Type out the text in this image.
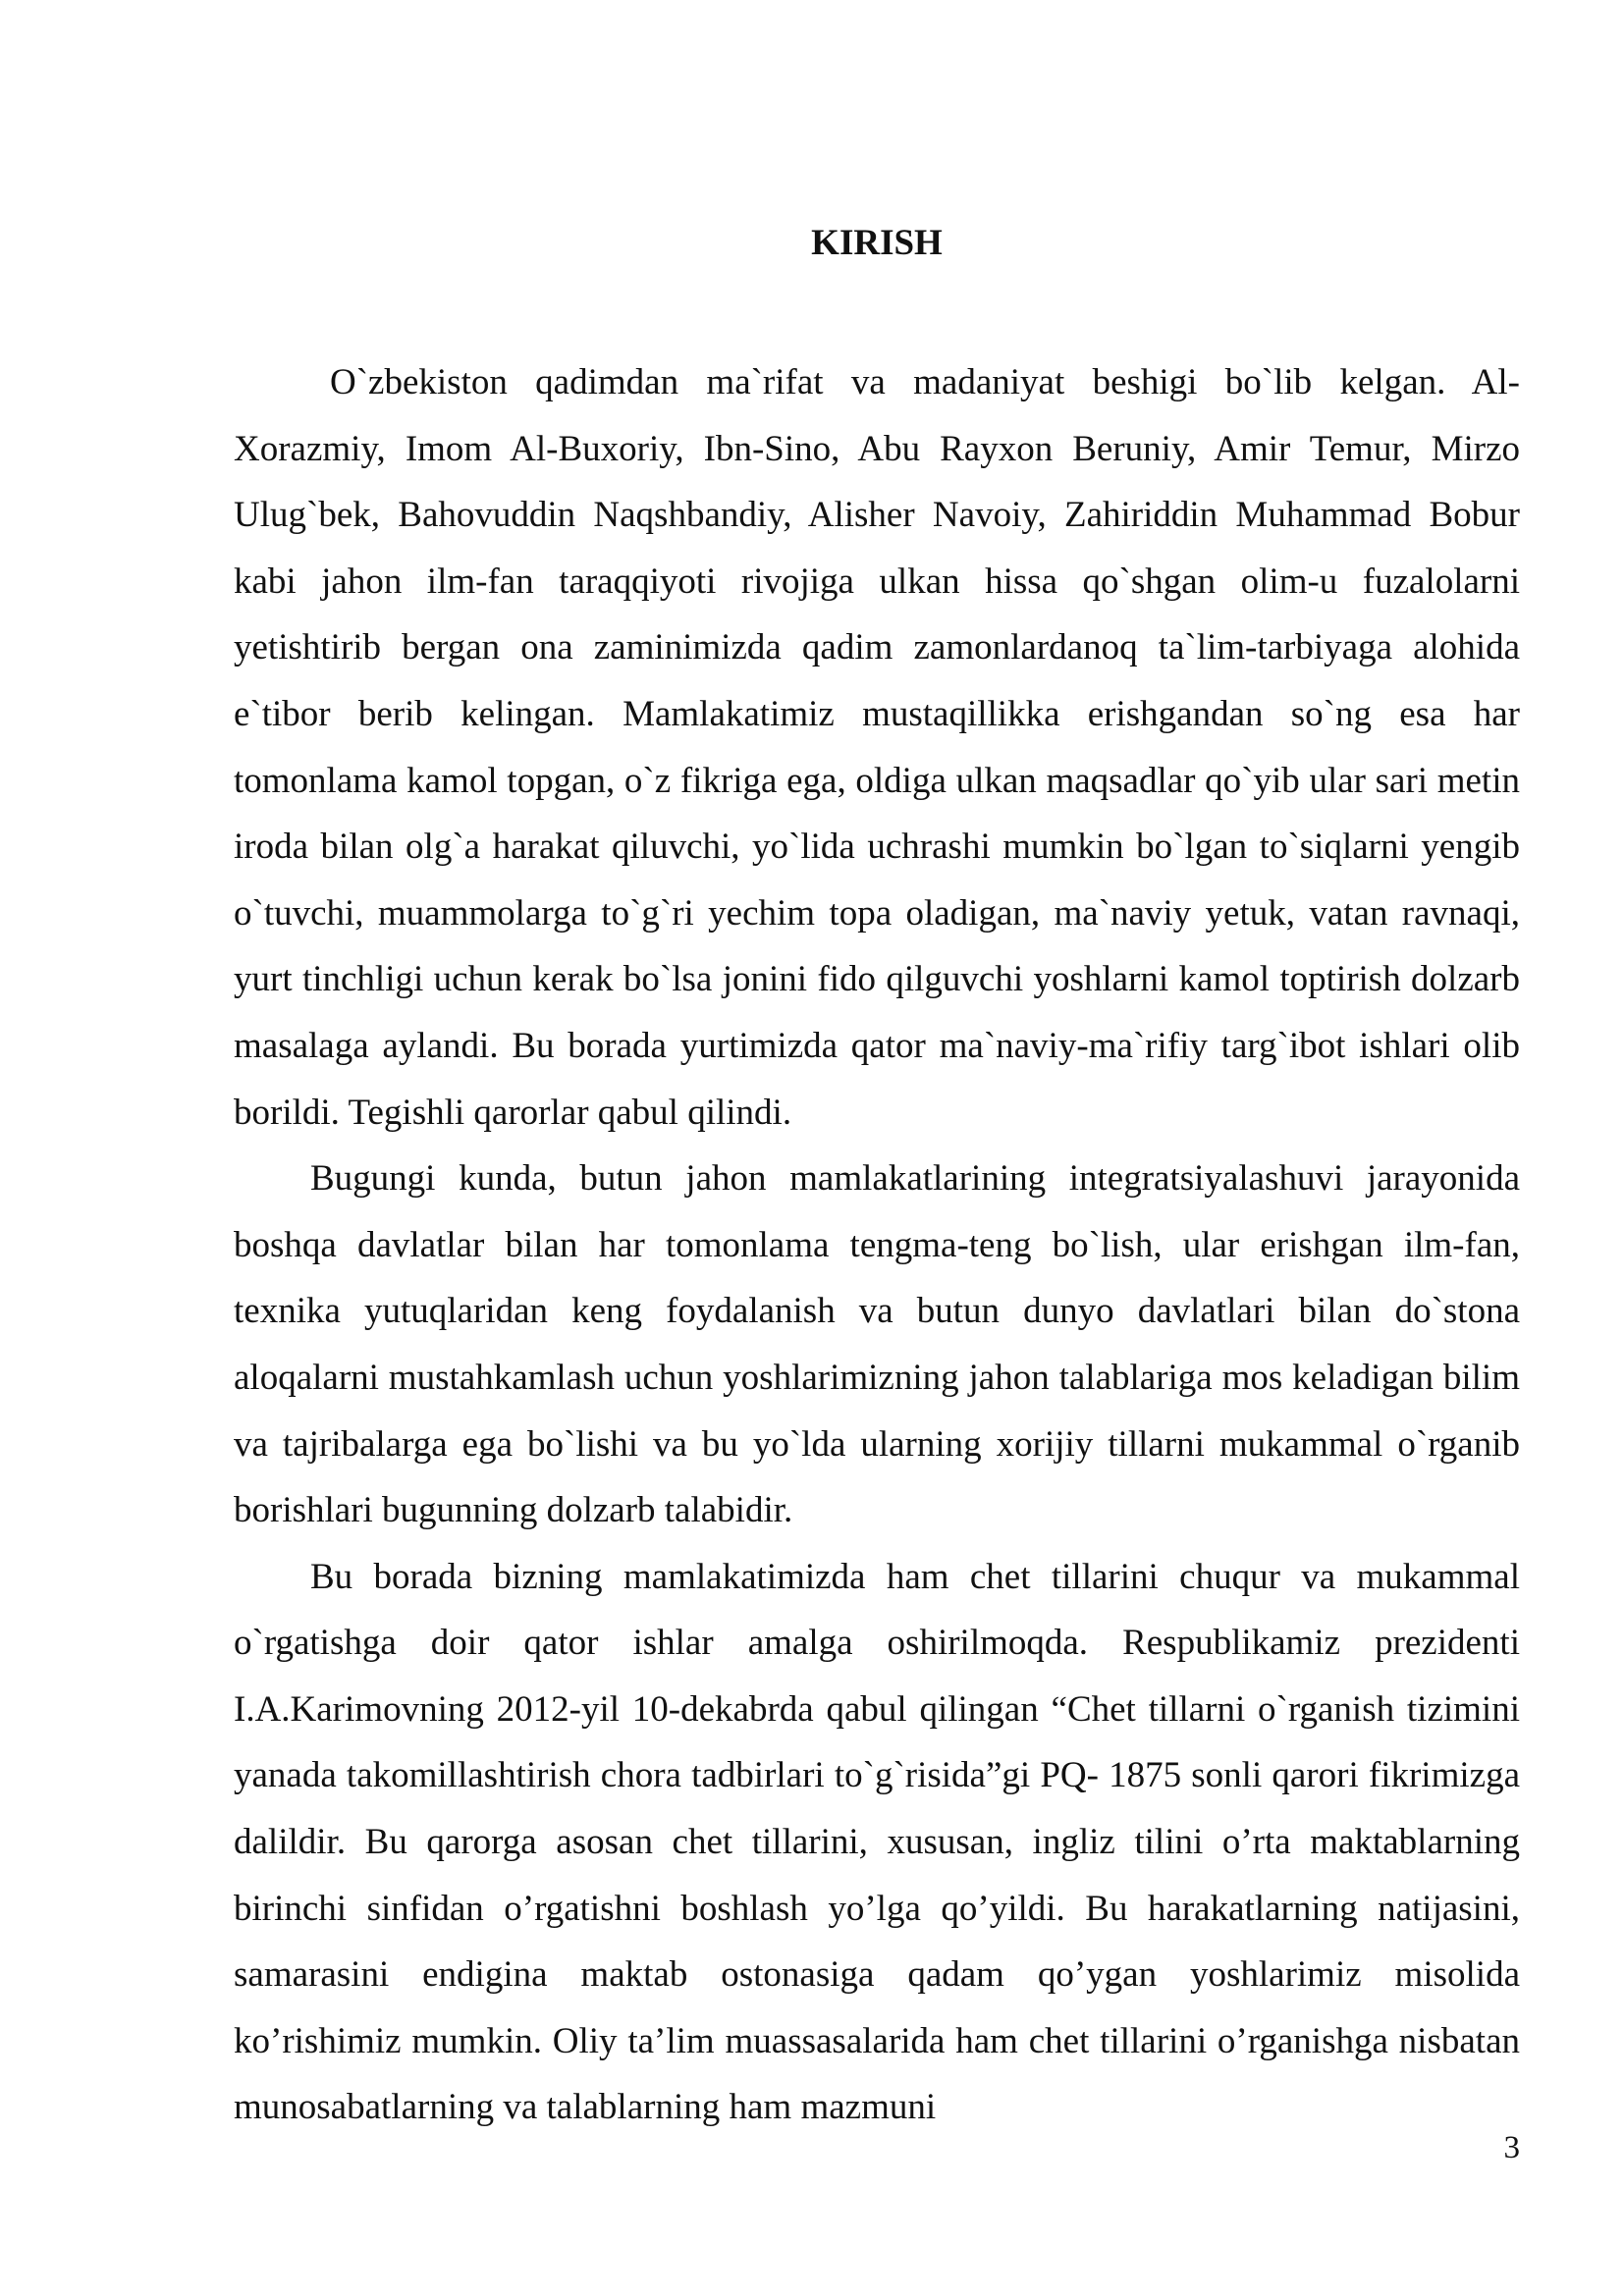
KIRISH

O`zbekiston qadimdan ma`rifat va madaniyat beshigi bo`lib kelgan. Al-Xorazmiy, Imom Al-Buxoriy, Ibn-Sino, Abu Rayxon Beruniy, Amir Temur, Mirzo Ulug`bek, Bahovuddin Naqshbandiy, Alisher Navoiy, Zahiriddin Muhammad Bobur kabi jahon ilm-fan taraqqiyoti rivojiga ulkan hissa qo`shgan olim-u fuzalolarni yetishtirib bergan ona zaminimizda qadim zamonlardanoq ta`lim-tarbiyaga alohida e`tibor berib kelingan. Mamlakatimiz mustaqillikka erishgandan so`ng esa har tomonlama kamol topgan, o`z fikriga ega, oldiga ulkan maqsadlar qo`yib ular sari metin iroda bilan olg`a harakat qiluvchi, yo`lida uchrashi mumkin bo`lgan to`siqlarni yengib o`tuvchi, muammolarga to`g`ri yechim topa oladigan, ma`naviy yetuk, vatan ravnaqi, yurt tinchligi uchun kerak bo`lsa jonini fido qilguvchi yoshlarni kamol toptirish dolzarb masalaga aylandi. Bu borada yurtimizda qator ma`naviy-ma`rifiy targ`ibot ishlari olib borildi. Tegishli qarorlar qabul qilindi.

Bugungi kunda, butun jahon mamlakatlarining integratsiyalashuvi jarayonida boshqa davlatlar bilan har tomonlama tengma-teng bo`lish, ular erishgan ilm-fan, texnika yutuqlaridan keng foydalanish va butun dunyo davlatlari bilan do`stona aloqalarni mustahkamlash uchun yoshlarimizning jahon talablariga mos keladigan bilim va tajribalarga ega bo`lishi va bu yo`lda ularning xorijiy tillarni mukammal o`rganib borishlari bugunning dolzarb talabidir.

Bu borada bizning mamlakatimizda ham chet tillarini chuqur va mukammal o`rgatishga doir qator ishlar amalga oshirilmoqda. Respublikamiz prezidenti I.A.Karimovning 2012-yil 10-dekabrda qabul qilingan “Chet tillarni o`rganish tizimini yanada takomillashtirish chora tadbirlari to`g`risida”gi PQ- 1875 sonli qarori fikrimizga dalildir. Bu qarorga asosan chet tillarini, xususan, ingliz tilini o’rta maktablarning birinchi sinfidan o’rgatishni boshlash yo’lga qo’yildi. Bu harakatlarning natijasini, samarasini endigina maktab ostonasiga qadam qo’ygan yoshlarimiz misolida ko’rishimiz mumkin. Oliy ta’lim muassasalarida ham chet tillarini o’rganishga nisbatan munosabatlarning va talablarning ham mazmuni

3
